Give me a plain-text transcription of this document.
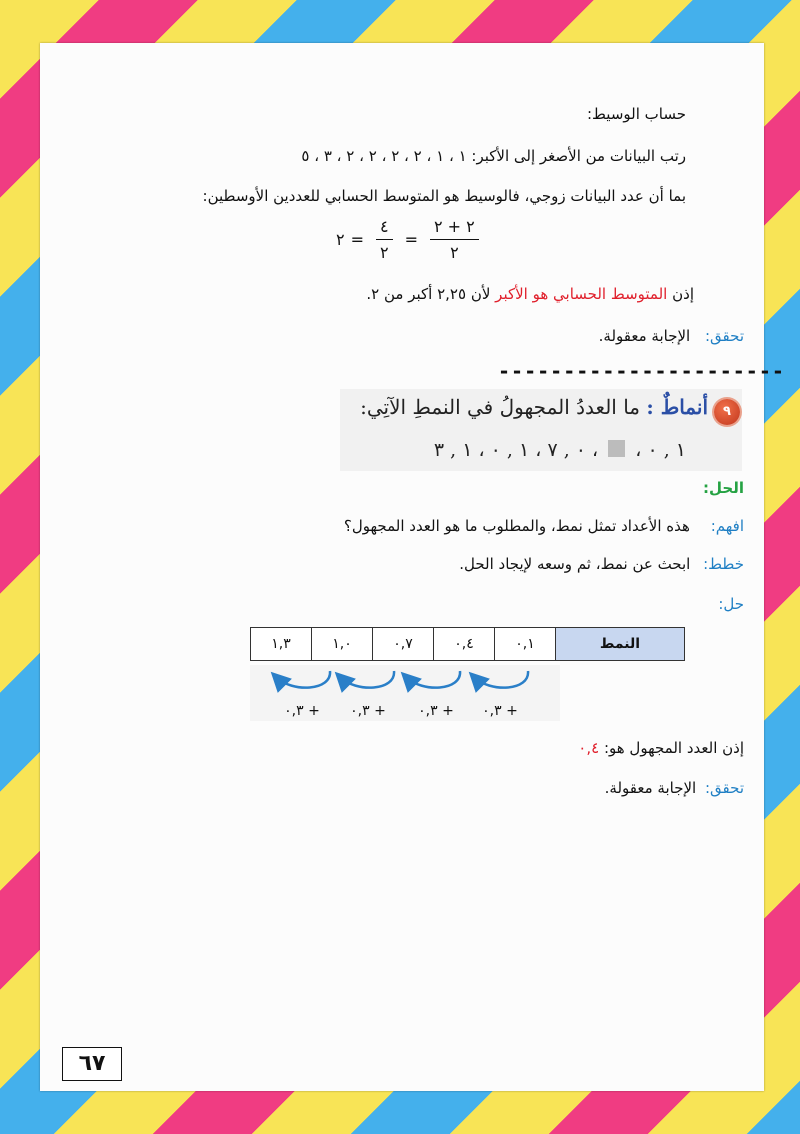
حساب الوسيط:
رتب البيانات من الأصغر إلى الأكبر: ١ ، ١ ، ٢ ، ٢ ، ٢ ، ٢ ، ٣ ، ٥
بما أن عدد البيانات زوجي، فالوسيط هو المتوسط الحسابي للعددين الأوسطين:
٢ = $\frac{٤}{٢} = \frac{٢ + ٢}{٢}$
إذن المتوسط الحسابي هو الأكبر لأن ٢,٢٥ أكبر من ٢.
تحقق: الإجابة معقولة.
----------------------
٩
أنماطٌ : ما العددُ المجهولُ في النمطِ الآتِي:
١ , ٠ ،  ، ٠ , ٧ ، ١ , ٠ ، ١ , ٣
الحل:
افهم: هذه الأعداد تمثل نمط، والمطلوب ما هو العدد المجهول؟
خطط: ابحث عن نمط، ثم وسعه لإيجاد الحل.
حل:
النمط	٠,١	٠,٤	٠,٧	١,٠	١,٣
+ ٠,٣
+ ٠,٣
+ ٠,٣
+ ٠,٣
إذن العدد المجهول هو: ٠,٤
تحقق: الإجابة معقولة.
٦٧
